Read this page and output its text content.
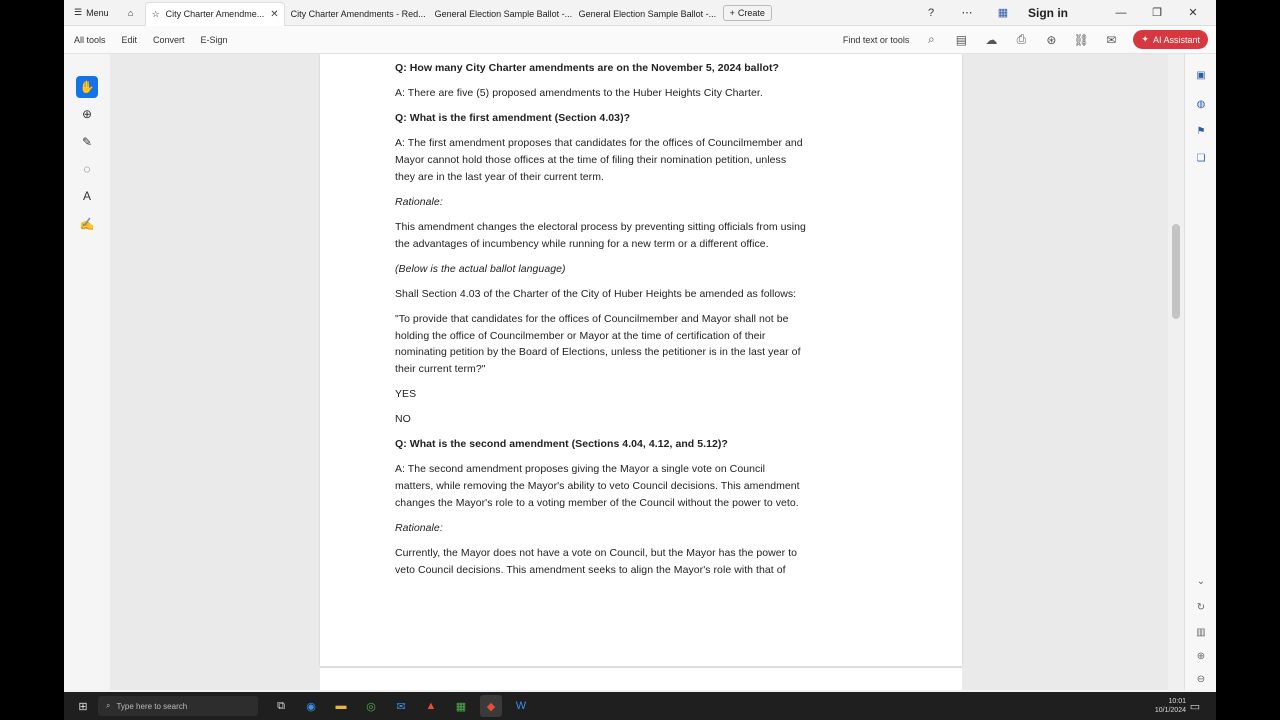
☰ Menu ⌂ ☆ City Charter Amendme... ✕ City Charter Amendments - Red... General Election Sample Ballot -... General Election Sample Ballot -... + Create	?	⋯	▦	Sign in	—	❐	✕
All tools Edit Convert E-Sign	Find text or tools	⌕	▤ ☁ ⎙ ⊛ ⛓ ✉	✦ AI Assistant
✋
⊕
✎
◌
A
✍
Q: How many City Charter amendments are on the November 5, 2024 ballot?
A: There are five (5) proposed amendments to the Huber Heights City Charter.
Q: What is the first amendment (Section 4.03)?
A: The first amendment proposes that candidates for the offices of Councilmember and
Mayor cannot hold those offices at the time of filing their nomination petition, unless
they are in the last year of their current term.
Rationale:
This amendment changes the electoral process by preventing sitting officials from using
the advantages of incumbency while running for a new term or a different office.
(Below is the actual ballot language)
Shall Section 4.03 of the Charter of the City of Huber Heights be amended as follows:
"To provide that candidates for the offices of Councilmember and Mayor shall not be
holding the office of Councilmember or Mayor at the time of certification of their
nominating petition by the Board of Elections, unless the petitioner is in the last year of
their current term?"
YES
NO
Q: What is the second amendment (Sections 4.04, 4.12, and 5.12)?
A: The second amendment proposes giving the Mayor a single vote on Council
matters, while removing the Mayor's ability to veto Council decisions. This amendment
changes the Mayor's role to a voting member of the Council without the power to veto.
Rationale:
Currently, the Mayor does not have a vote on Council, but the Mayor has the power to
veto Council decisions. This amendment seeks to align the Mayor's role with that of
▣
◍
⚑
❏
⌄
↻
▥
⊕
⊖
⊞	⌕ Type here to search	⧉	◉	▬	◎	✉	▲	▦	◆	W	10:01
10/1/2024 ▭
